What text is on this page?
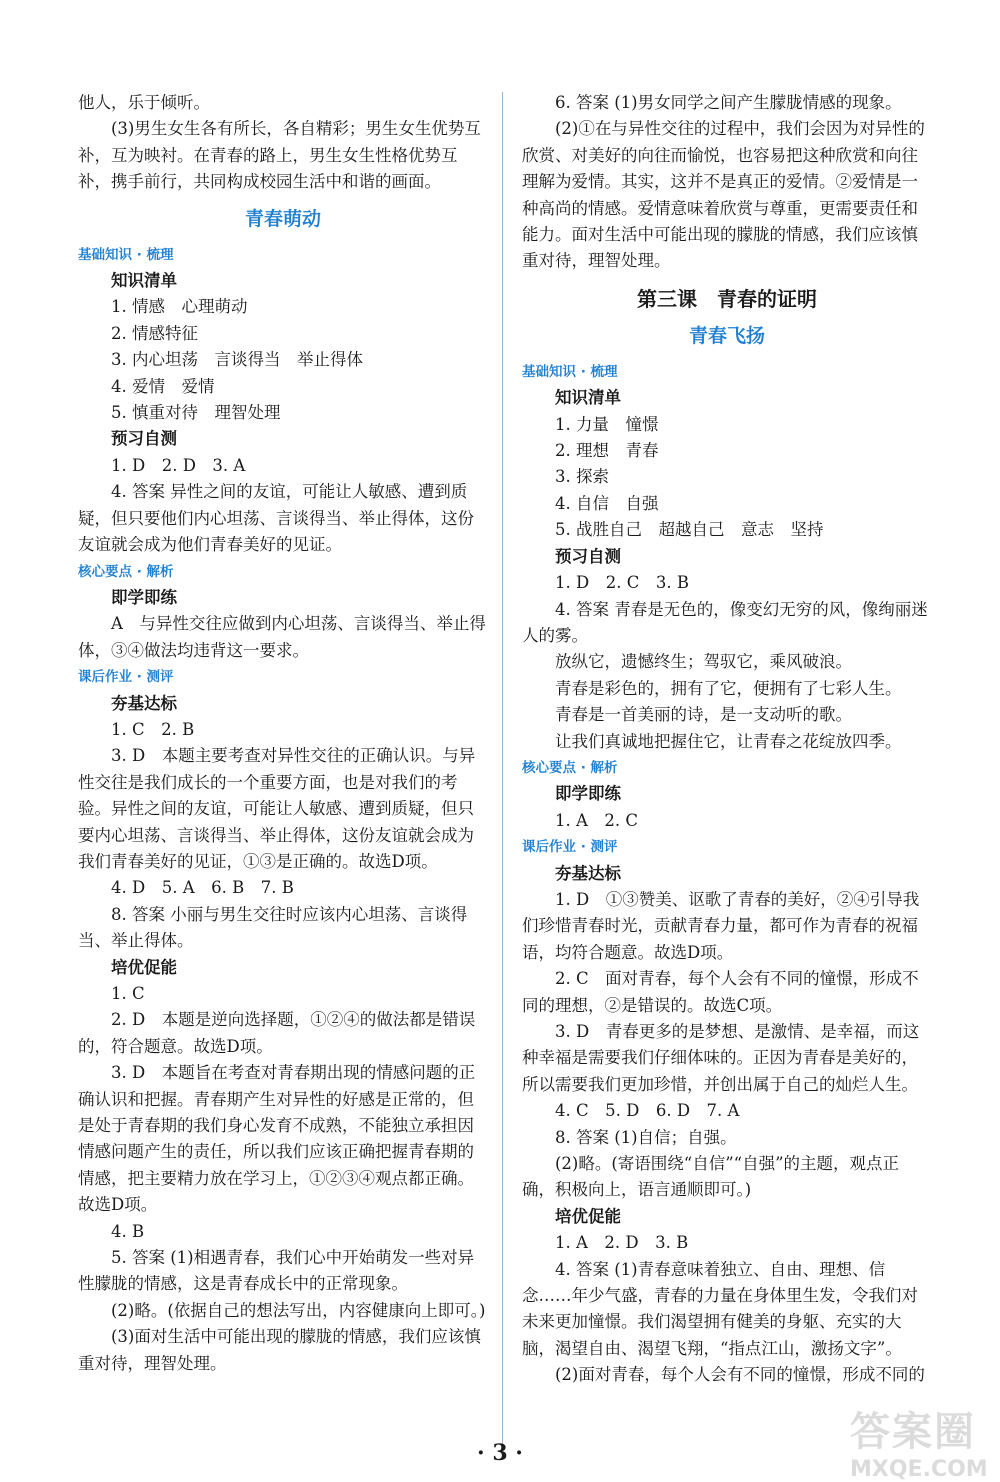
他人，乐于倾听。

(3)男生女生各有所长，各自精彩；男生女生优势互补，互为映衬。在青春的路上，男生女生性格优势互补，携手前行，共同构成校园生活中和谐的画面。

青春萌动

基础知识 · 梳理

知识清单

1. 情感　心理萌动

2. 情感特征

3. 内心坦荡　言谈得当　举止得体

4. 爱情　爱情

5. 慎重对待　理智处理

预习自测

1. D　2. D　3. A

4. 答案 异性之间的友谊，可能让人敏感、遭到质疑，但只要他们内心坦荡、言谈得当、举止得体，这份友谊就会成为他们青春美好的见证。

核心要点 · 解析

即学即练

A　与异性交往应做到内心坦荡、言谈得当、举止得体，③④做法均违背这一要求。

课后作业 · 测评

夯基达标

1. C　2. B

3. D　本题主要考查对异性交往的正确认识。与异性交往是我们成长的一个重要方面，也是对我们的考验。异性之间的友谊，可能让人敏感、遭到质疑，但只要内心坦荡、言谈得当、举止得体，这份友谊就会成为我们青春美好的见证，①③是正确的。故选D项。

4. D　5. A　6. B　7. B

8. 答案 小丽与男生交往时应该内心坦荡、言谈得当、举止得体。

培优促能

1. C

2. D　本题是逆向选择题，①②④的做法都是错误的，符合题意。故选D项。

3. D　本题旨在考查对青春期出现的情感问题的正确认识和把握。青春期产生对异性的好感是正常的，但是处于青春期的我们身心发育不成熟，不能独立承担因情感问题产生的责任，所以我们应该正确把握青春期的情感，把主要精力放在学习上，①②③④观点都正确。故选D项。

4. B

5. 答案 (1)相遇青春，我们心中开始萌发一些对异性朦胧的情感，这是青春成长中的正常现象。

(2)略。(依据自己的想法写出，内容健康向上即可。)

(3)面对生活中可能出现的朦胧的情感，我们应该慎重对待，理智处理。

6. 答案 (1)男女同学之间产生朦胧情感的现象。

(2)①在与异性交往的过程中，我们会因为对异性的欣赏、对美好的向往而愉悦，也容易把这种欣赏和向往理解为爱情。其实，这并不是真正的爱情。②爱情是一种高尚的情感。爱情意味着欣赏与尊重，更需要责任和能力。面对生活中可能出现的朦胧的情感，我们应该慎重对待，理智处理。

第三课 青春的证明
青春飞扬

基础知识 · 梳理

知识清单

1. 力量　憧憬

2. 理想　青春

3. 探索

4. 自信　自强

5. 战胜自己　超越自己　意志　坚持

预习自测

1. D　2. C　3. B

4. 答案 青春是无色的，像变幻无穷的风，像绚丽迷人的雾。

放纵它，遗憾终生；驾驭它，乘风破浪。

青春是彩色的，拥有了它，便拥有了七彩人生。

青春是一首美丽的诗，是一支动听的歌。

让我们真诚地把握住它，让青春之花绽放四季。

核心要点 · 解析

即学即练

1. A　2. C

课后作业 · 测评

夯基达标

1. D　①③赞美、讴歌了青春的美好，②④引导我们珍惜青春时光，贡献青春力量，都可作为青春的祝福语，均符合题意。故选D项。

2. C　面对青春，每个人会有不同的憧憬，形成不同的理想，②是错误的。故选C项。

3. D　青春更多的是梦想、是激情、是幸福，而这种幸福是需要我们仔细体味的。正因为青春是美好的，所以需要我们更加珍惜，并创出属于自己的灿烂人生。

4. C　5. D　6. D　7. A

8. 答案 (1)自信；自强。

(2)略。(寄语围绕“自信”“自强”的主题，观点正确，积极向上，语言通顺即可。)

培优促能

1. A　2. D　3. B

4. 答案 (1)青春意味着独立、自由、理想、信念……年少气盛，青春的力量在身体里生发，令我们对未来更加憧憬。我们渴望拥有健美的身躯、充实的大脑，渴望自由、渴望飞翔，“指点江山，激扬文字”。

(2)面对青春，每个人会有不同的憧憬，形成不同的

· 3 ·	答案圈
MXQE.COM
